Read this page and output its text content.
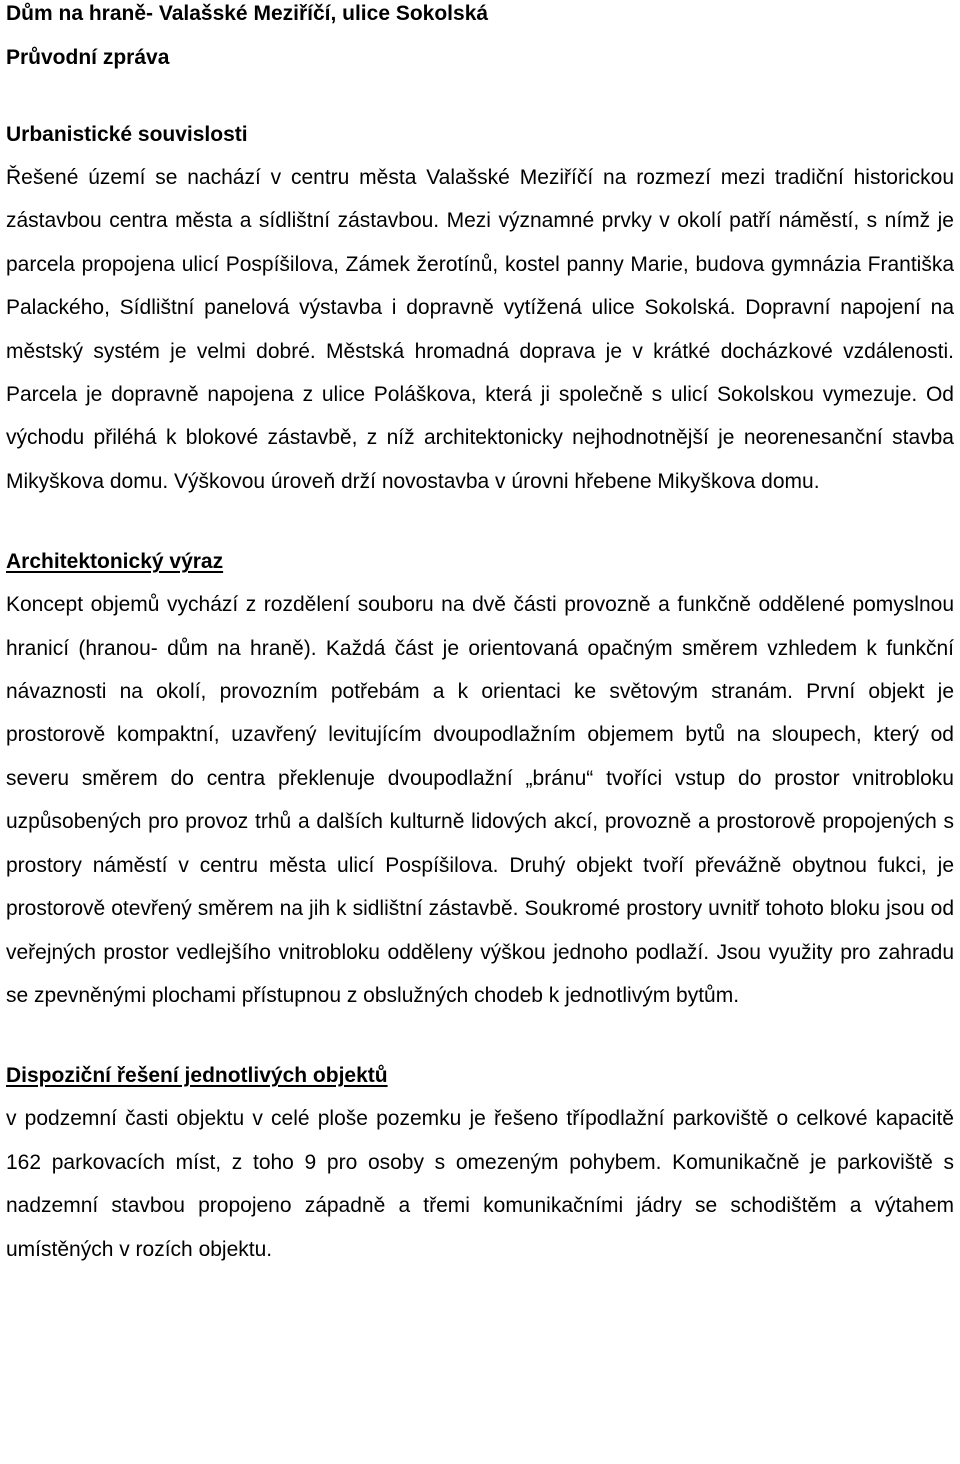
Dům na hraně- Valašské Meziříčí, ulice Sokolská
Průvodní zpráva
Urbanistické souvislosti

Řešené území se nachází v centru města Valašské Meziříčí na rozmezí mezi tradiční historickou zástavbou centra města a sídlištní zástavbou. Mezi významné prvky v okolí patří náměstí, s nímž je parcela propojena ulicí Pospíšilova, Zámek žerotínů, kostel panny Marie, budova gymnázia Františka Palackého, Sídlištní panelová výstavba i dopravně vytížená ulice Sokolská. Dopravní napojení na městský systém je velmi dobré. Městská hromadná doprava je v krátké docházkové vzdálenosti. Parcela je dopravně napojena z ulice Poláškova, která ji společně s ulicí Sokolskou vymezuje. Od východu přiléhá k blokové zástavbě, z níž architektonicky nejhodnotnější je neorenesanční stavba Mikyškova domu. Výškovou úroveň drží novostavba v úrovni hřebene Mikyškova domu.

Architektonický výraz

Koncept objemů vychází z rozdělení souboru na dvě části provozně a funkčně oddělené pomyslnou hranicí (hranou- dům na hraně). Každá část je orientovaná opačným směrem vzhledem k funkční návaznosti na okolí, provozním potřebám a k orientaci ke světovým stranám. První objekt je prostorově kompaktní, uzavřený levitujícím dvoupodlažním objemem bytů na sloupech, který od severu směrem do centra překlenuje dvoupodlažní „bránu“ tvoříci vstup do prostor vnitrobloku uzpůsobených pro provoz trhů a dalších kulturně lidových akcí, provozně a prostorově propojených s prostory náměstí v centru města ulicí Pospíšilova. Druhý objekt tvoří převážně obytnou fukci, je prostorově otevřený směrem na jih k sidlištní zástavbě. Soukromé prostory uvnitř tohoto bloku jsou od veřejných prostor vedlejšího vnitrobloku odděleny výškou jednoho podlaží. Jsou využity pro zahradu se zpevněnými plochami přístupnou z obslužných chodeb k jednotlivým bytům.

Dispoziční řešení jednotlivých objektů

v podzemní časti objektu v celé ploše pozemku je řešeno třípodlažní parkoviště o celkové kapacitě 162 parkovacích míst, z toho 9 pro osoby s omezeným pohybem. Komunikačně je parkoviště s nadzemní stavbou propojeno západně a třemi komunikačními jádry se schodištěm a výtahem umístěných v rozích objektu.
